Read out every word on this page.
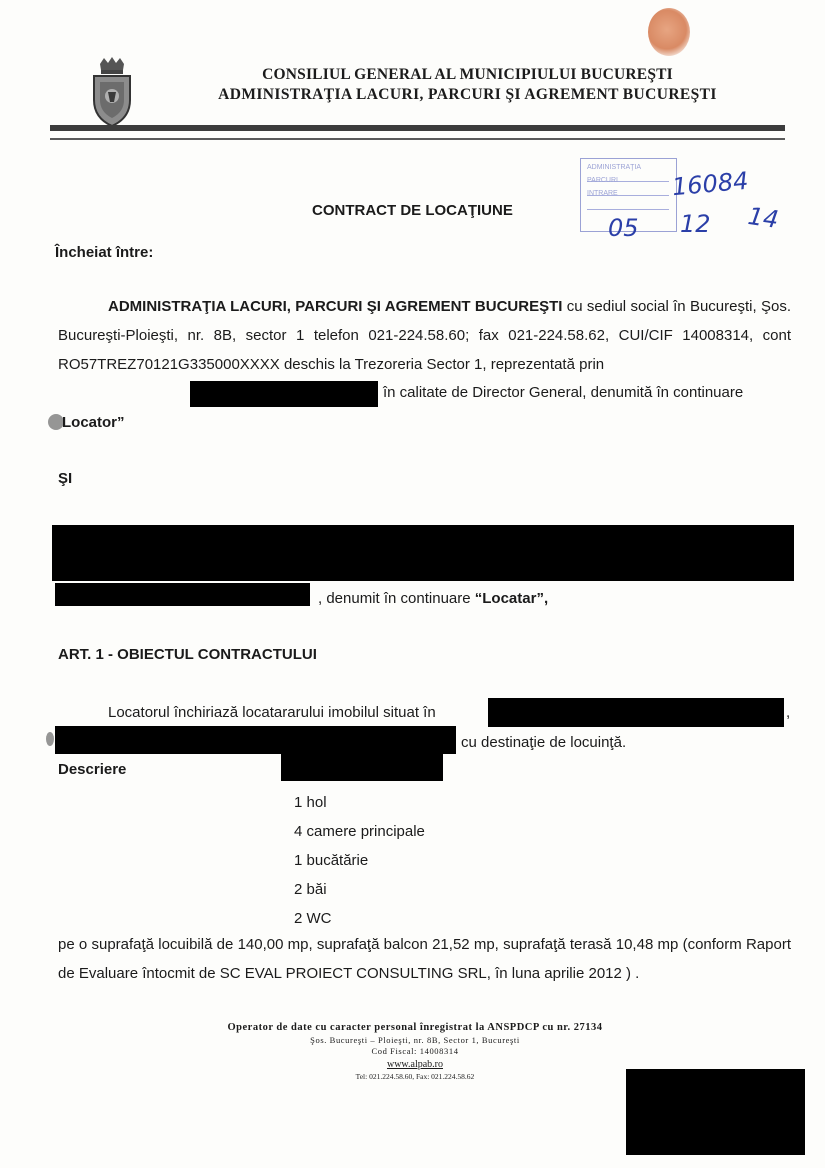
CONSILIUL GENERAL AL MUNICIPIULUI BUCUREŞTI
ADMINISTRAŢIA LACURI, PARCURI ŞI AGREMENT BUCUREŞTI
ADMINISTRAŢIA
PARCURI
INTRARE	16084
05 12 14
CONTRACT DE LOCAŢIUNE
Încheiat între:
ADMINISTRAŢIA LACURI, PARCURI ŞI AGREMENT BUCUREŞTI cu sediul social în Bucureşti, Şos. Bucureşti-Ploieşti, nr. 8B, sector 1 telefon 021-224.58.60; fax 021-224.58.62, CUI/CIF 14008314, cont RO57TREZ70121G335000XXXX deschis la Trezoreria Sector 1, reprezentată prin
în calitate de Director General, denumită în continuare
Locator”
ŞI
, denumit în continuare “Locatar”,
ART. 1 - OBIECTUL CONTRACTULUI
Locatorul închiriază locatararului imobilul situat în	,
cu destinaţie de locuinţă.
Descriere
1 hol
4 camere principale
1 bucătărie
2 băi
2 WC
pe o suprafaţă locuibilă de 140,00 mp, suprafaţă balcon 21,52 mp, suprafaţă terasă 10,48 mp (conform Raport de Evaluare întocmit de SC EVAL PROIECT CONSULTING SRL, în luna aprilie 2012 ) .
Operator de date cu caracter personal înregistrat la ANSPDCP cu nr. 27134
Şos. Bucureşti – Ploieşti, nr. 8B, Sector 1, Bucureşti
Cod Fiscal: 14008314
www.alpab.ro
Tel: 021.224.58.60, Fax: 021.224.58.62
